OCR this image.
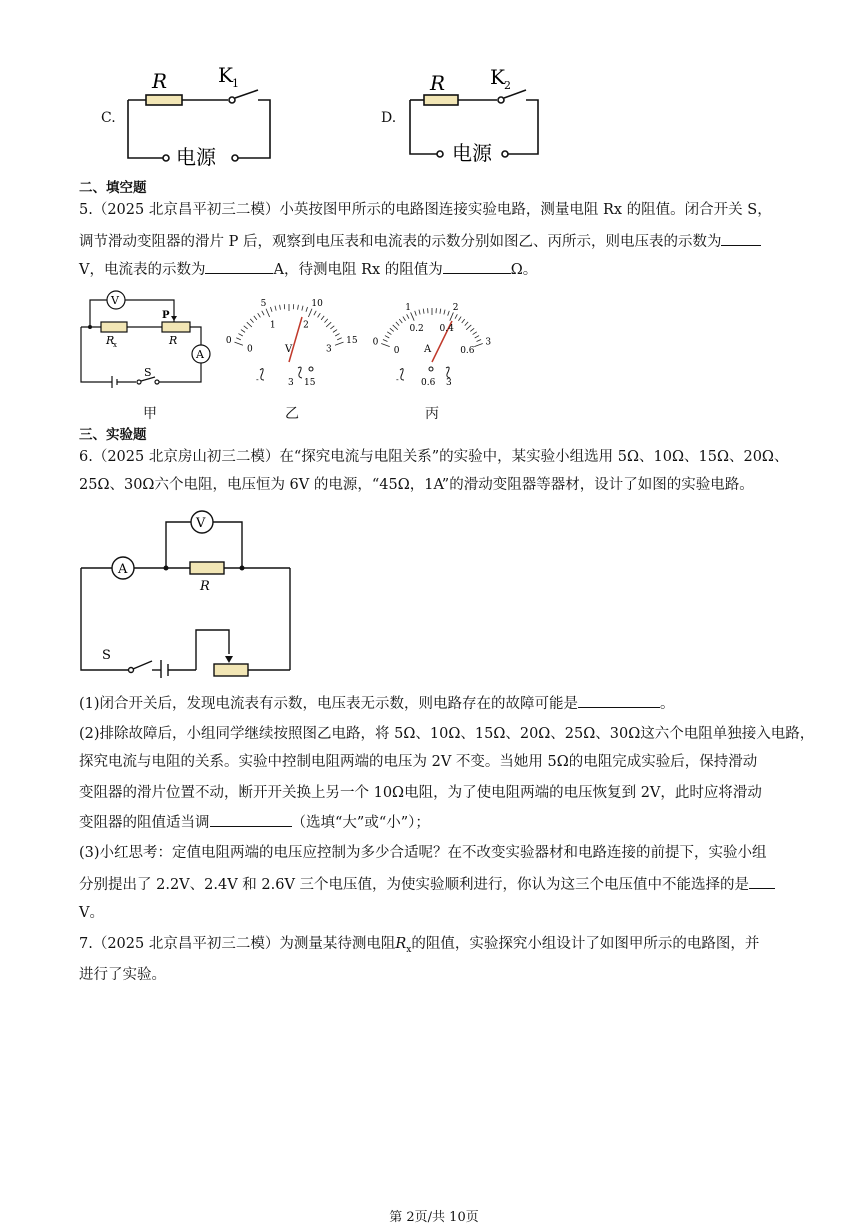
C.
R	K 1
电源
D.
R K 2
电源
二、填空题
5.（2025 北京昌平初三二模）小英按图甲所示的电路图连接实验电路，测量电阻 Rx 的阻值。闭合开关 S，
调节滑动变阻器的滑片 P 后，观察到电压表和电流表的示数分别如图乙、丙所示，则电压表的示数为
V，电流表的示数为	A，待测电阻 Rx 的阻值为	Ω。
V
A
R
x	R
P
S
甲
0
5	10
15
0
1	2
3
V
-	3 15
乙
0
1	2
3
0
0.2 0.4
0.6
A
- 0.6 3
丙
三、实验题
6.（2025 北京房山初三二模）在“探究电流与电阻关系”的实验中，某实验小组选用 5Ω、10Ω、15Ω、20Ω、
25Ω、30Ω六个电阻，电压恒为 6V 的电源，“45Ω，1A”的滑动变阻器等器材，设计了如图的实验电路。
V
A
R
S
(1)闭合开关后，发现电流表有示数，电压表无示数，则电路存在的故障可能是	。
(2)排除故障后，小组同学继续按照图乙电路，将 5Ω、10Ω、15Ω、20Ω、25Ω、30Ω这六个电阻单独接入电路，
探究电流与电阻的关系。实验中控制电阻两端的电压为 2V 不变。当她用 5Ω的电阻完成实验后，保持滑动
变阻器的滑片位置不动，断开开关换上另一个 10Ω电阻，为了使电阻两端的电压恢复到 2V，此时应将滑动
变阻器的阻值适当调	（选填“大”或“小”）；
(3)小红思考：定值电阻两端的电压应控制为多少合适呢？在不改变实验器材和电路连接的前提下，实验小组
分别提出了 2.2V、2.4V 和 2.6V 三个电压值，为使实验顺利进行，你认为这三个电压值中不能选择的是
V。
7.（2025 北京昌平初三二模）为测量某待测电阻$R_x$的阻值，实验探究小组设计了如图甲所示的电路图，并
进行了实验。
第 2页/共 10页
